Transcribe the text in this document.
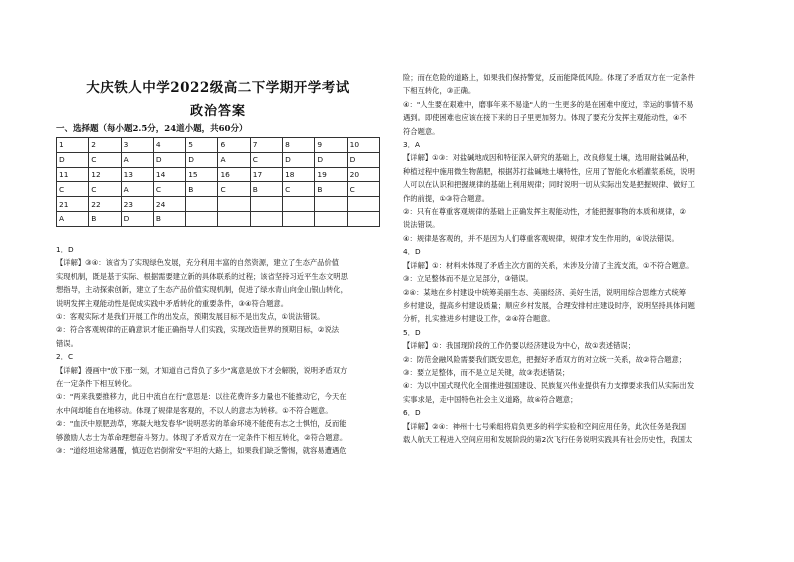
大庆铁人中学2022级高二下学期开学考试
政治答案
一、选择题（每小题2.5分，24道小题，共60分）
1	2	3	4	5	6	7	8	9	10
D	C	A	D	D	A	C	D	D	D
11	12	13	14	15	16	17	18	19	20
C	C	A	C	B	C	B	C	B	C
21	22	23	24						
A	B	D	B						

1．D

【详解】③④：该省为了实现绿色发展，充分利用丰富的自然资源，建立了生态产品价值

实现机制，既是基于实际、根据需要建立新的具体联系的过程；该省坚持习近平生态文明思

想指导，主动探索创新，建立了生态产品价值实现机制，促进了绿水青山向金山银山转化，

说明发挥主观能动性是促成实践中矛盾转化的重要条件，③④符合题意。

①：客观实际才是我们开展工作的出发点，预期发展目标不是出发点，①说法错误。

②：符合客观规律的正确意识才能正确指导人们实践，实现改造世界的预期目标，②说法

错误。

2．C

【详解】漫画中"放下那一刻，才知道自己背负了多少"寓意是放下才会解脱，说明矛盾双方

在一定条件下相互转化。

①："两来我要推移力，此日中流自在行"意思是：以往花费许多力量也不能推动它，今天在

水中间却能自在地移动。体现了规律是客观的，不以人的意志为转移。①不符合题意。

②："血沃中原肥劲草，寒凝大地发春华"说明恶劣的革命环境不能使有志之士惧怕，反而能

够激励人志士为革命理想奋斗努力。体现了矛盾双方在一定条件下相互转化，②符合题意。

③："道经坦途常遇覆，慎迈危岩倒常安"平坦的大路上，如果我们缺乏警惕，就容易遭遇危

险；而在危险的道路上，如果我们保持警觉，反而能降低风险。体现了矛盾双方在一定条件

下相互转化，③正确。

④："人生要在艰难中，磨事年来不易逢"人的一生更多的是在困难中度过，幸运的事情不易

遇到。即使困难也应该在接下来的日子里更加努力。体现了要充分发挥主观能动性，④不

符合题意。

3．A

【详解】①③：对盐碱地成因和特征深入研究的基础上，改良修复土壤，选用耐盐碱品种，

种植过程中施用微生物菌肥，根据苏打盐碱地土壤特性，应用了智能化水稻灌浆系统，说明

人可以在认识和把握规律的基础上利用规律；同时说明一切从实际出发是把握规律、做好工

作的前提，①③符合题意。

②：只有在尊重客观规律的基础上正确发挥主观能动性，才能把握事物的本质和规律，②

说法错误。

④：规律是客观的，并不是因为人们尊重客观规律，规律才发生作用的，④说法错误。

4．D

【详解】①：材料未体现了矛盾主次方面的关系，未涉及分清了主流支流，①不符合题意。

③：立足整体而不是立足部分，③错误。

②④：某地在乡村建设中统筹美丽生态、美丽经济、美好生活，说明用综合思维方式统筹

乡村建设，提高乡村建设质量；顺应乡村发展，合理安排村庄建设时序，说明坚持具体问题

分析，扎实推进乡村建设工作，②④符合题意。

5．D

【详解】①：我国现阶段的工作仍要以经济建设为中心，故①表述错误；

②：防范金融风险需要我们既安思危，把握好矛盾双方的对立统一关系，故②符合题意；

③：要立足整体，而不是立足关键，故③表述错误；

④：为以中国式现代化全面推进强国建设、民族复兴伟业提供有力支撑要求我们从实际出发

实事求是，走中国特色社会主义道路，故④符合题意；

6．D

【详解】②④：神州十七号乘组将肩负更多的科学实验和空间应用任务，此次任务是我国

载人航天工程进入空间应用和发展阶段的第2次飞行任务说明实践具有社会历史性，我国太
